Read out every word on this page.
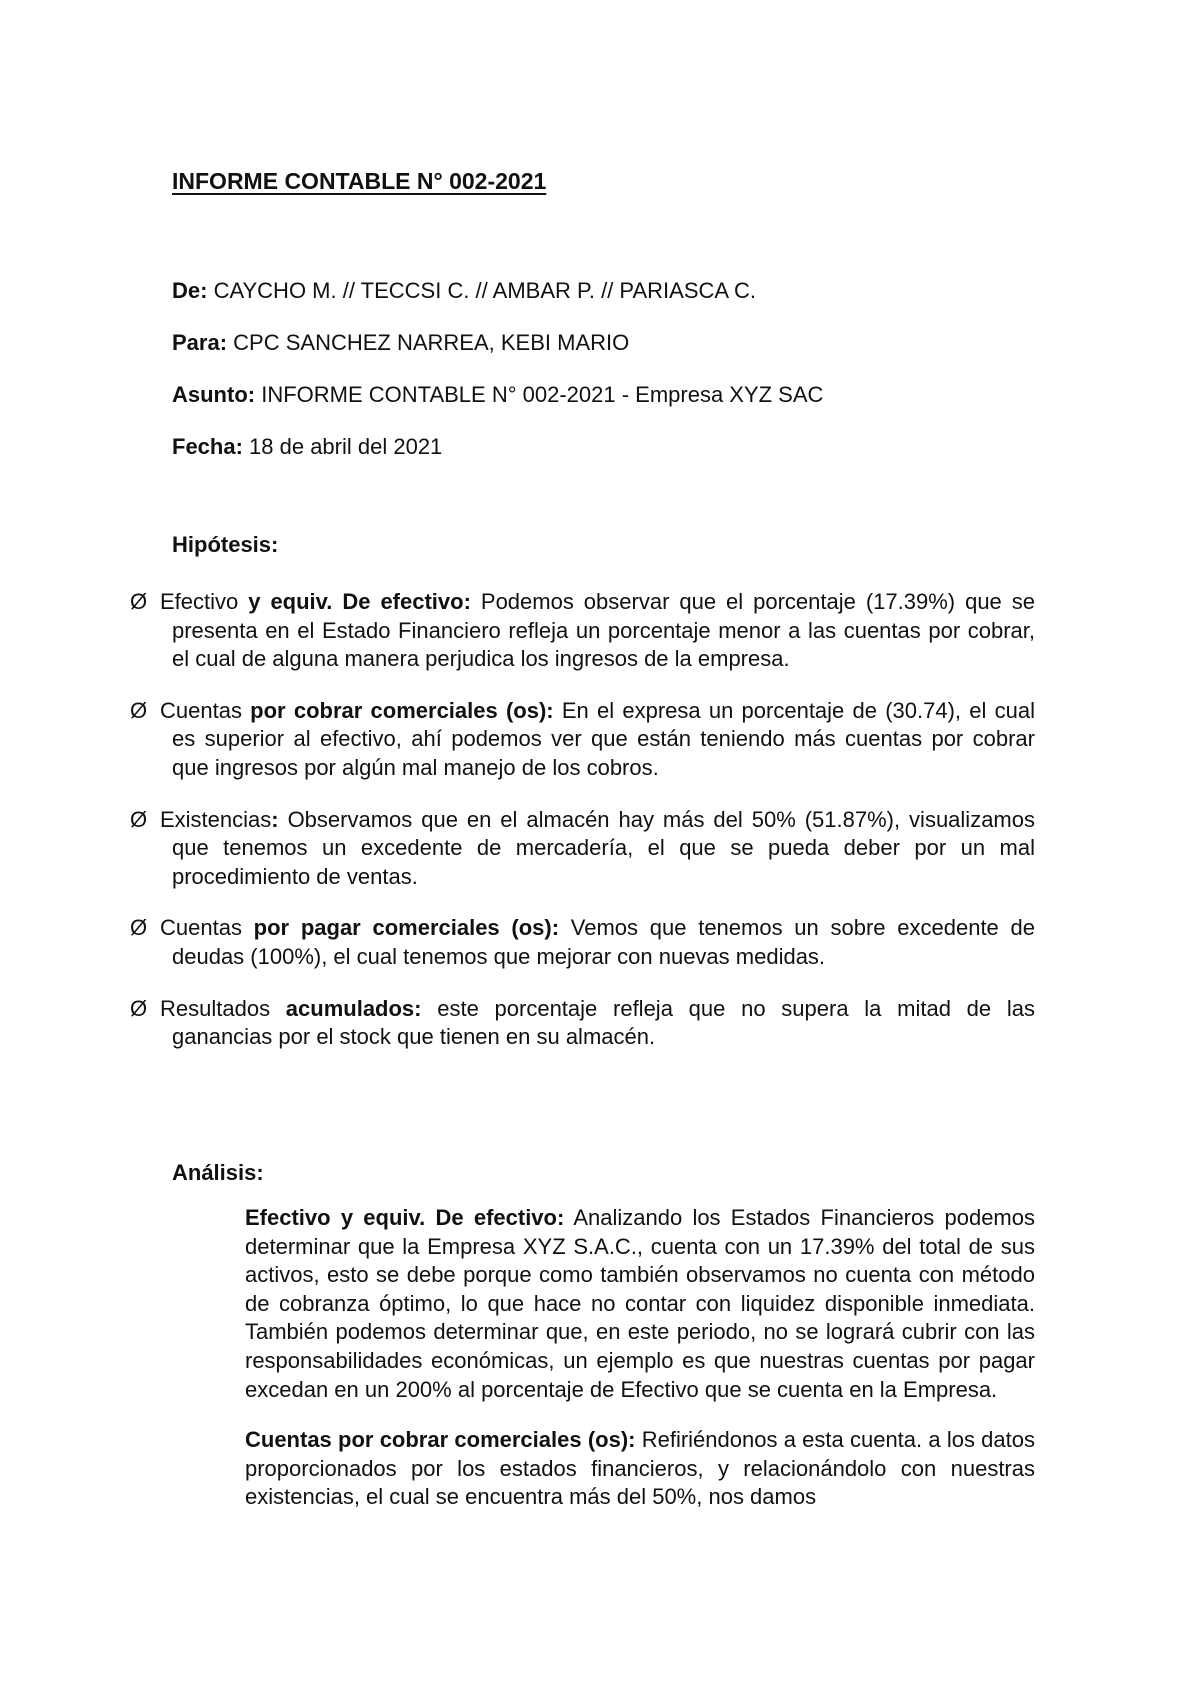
INFORME CONTABLE N° 002-2021
De: CAYCHO M. // TECCSI C. // AMBAR P. // PARIASCA C.
Para: CPC SANCHEZ NARREA, KEBI MARIO
Asunto: INFORME CONTABLE N° 002-2021 - Empresa XYZ SAC
Fecha: 18 de abril del 2021
Hipótesis:
Ø Efectivo y equiv. De efectivo: Podemos observar que el porcentaje (17.39%) que se presenta en el Estado Financiero refleja un porcentaje menor a las cuentas por cobrar, el cual de alguna manera perjudica los ingresos de la empresa.
Ø Cuentas por cobrar comerciales (os): En el expresa un porcentaje de (30.74), el cual es superior al efectivo, ahí podemos ver que están teniendo más cuentas por cobrar que ingresos por algún mal manejo de los cobros.
Ø Existencias: Observamos que en el almacén hay más del 50% (51.87%), visualizamos que tenemos un excedente de mercadería, el que se pueda deber por un mal procedimiento de ventas.
Ø Cuentas por pagar comerciales (os): Vemos que tenemos un sobre excedente de deudas (100%), el cual tenemos que mejorar con nuevas medidas.
Ø Resultados acumulados: este porcentaje refleja que no supera la mitad de las ganancias por el stock que tienen en su almacén.
Análisis:

Efectivo y equiv. De efectivo: Analizando los Estados Financieros podemos determinar que la Empresa XYZ S.A.C., cuenta con un 17.39% del total de sus activos, esto se debe porque como también observamos no cuenta con método de cobranza óptimo, lo que hace no contar con liquidez disponible inmediata. También podemos determinar que, en este periodo, no se logrará cubrir con las responsabilidades económicas, un ejemplo es que nuestras cuentas por pagar excedan en un 200% al porcentaje de Efectivo que se cuenta en la Empresa.

Cuentas por cobrar comerciales (os): Refiriéndonos a esta cuenta. a los datos proporcionados por los estados financieros, y relacionándolo con nuestras existencias, el cual se encuentra más del 50%, nos damos
